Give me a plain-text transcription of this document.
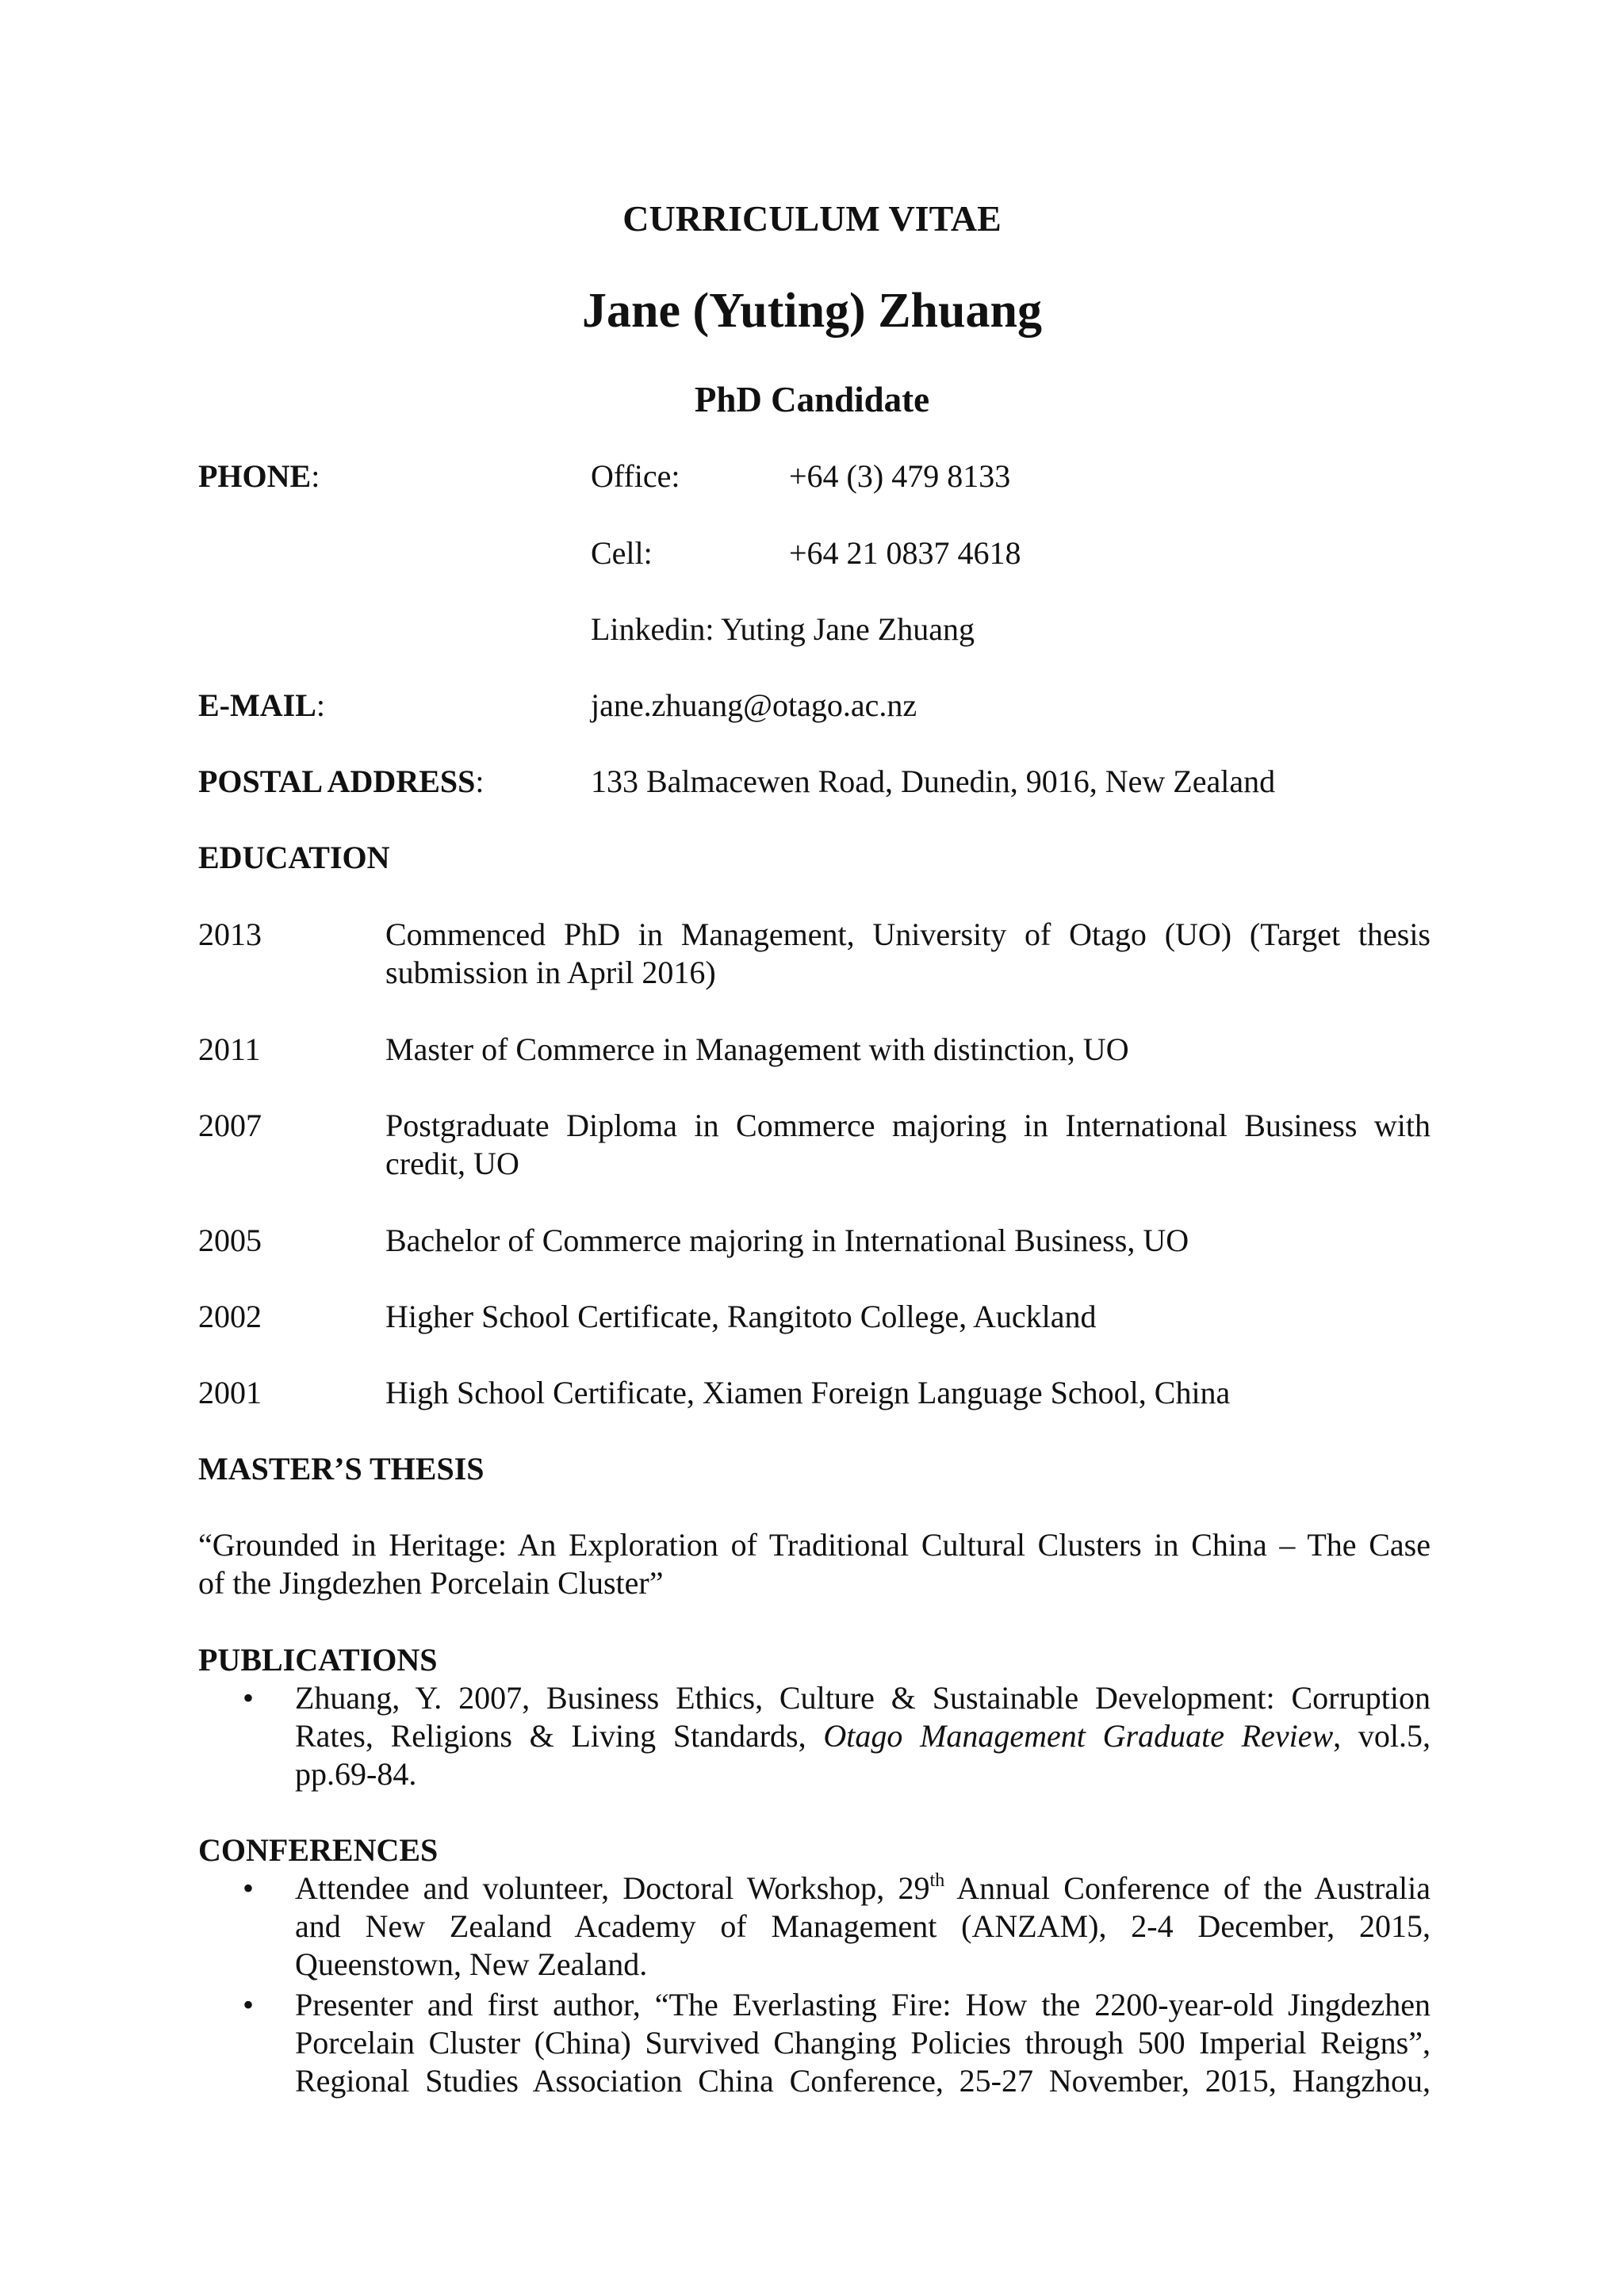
CURRICULUM VITAE
Jane (Yuting) Zhuang
PhD Candidate
PHONE:	Office:	+64 (3) 479 8133
Cell:	+64 21 0837 4618
Linkedin: Yuting Jane Zhuang
E-MAIL:	jane.zhuang@otago.ac.nz
POSTAL ADDRESS:	133 Balmacewen Road, Dunedin, 9016, New Zealand
EDUCATION
2013	Commenced PhD in Management, University of Otago (UO) (Target thesis
submission in April 2016)
2011	Master of Commerce in Management with distinction, UO
2007	Postgraduate Diploma in Commerce majoring in International Business with
credit, UO
2005	Bachelor of Commerce majoring in International Business, UO
2002	Higher School Certificate, Rangitoto College, Auckland
2001	High School Certificate, Xiamen Foreign Language School, China
MASTER’S THESIS
“Grounded in Heritage: An Exploration of Traditional Cultural Clusters in China – The Case
of the Jingdezhen Porcelain Cluster”
PUBLICATIONS
• Zhuang, Y. 2007, Business Ethics, Culture & Sustainable Development: Corruption
Rates, Religions & Living Standards, Otago Management Graduate Review, vol.5,
pp.69-84.
CONFERENCES
• Attendee and volunteer, Doctoral Workshop, 29th Annual Conference of the Australia
and New Zealand Academy of Management (ANZAM), 2-4 December, 2015,
Queenstown, New Zealand.
• Presenter and first author, “The Everlasting Fire: How the 2200-year-old Jingdezhen
Porcelain Cluster (China) Survived Changing Policies through 500 Imperial Reigns”,
Regional Studies Association China Conference, 25-27 November, 2015, Hangzhou,
